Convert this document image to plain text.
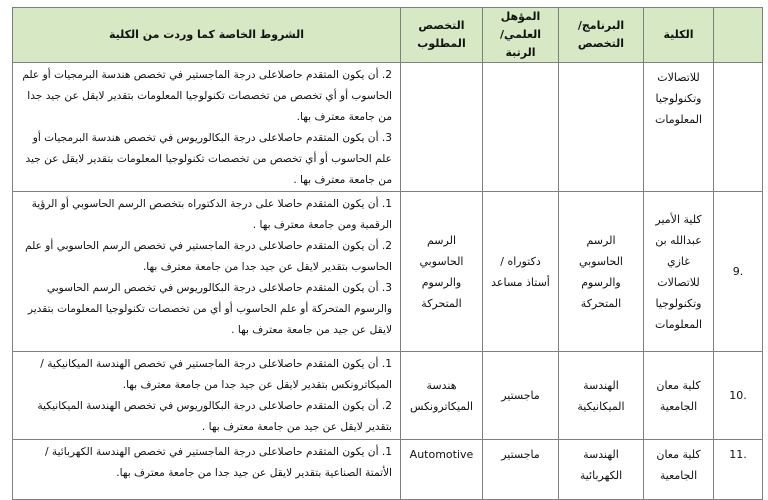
	الكلية	البرنامج/ التخصص	المؤهل العلمي/الرتبة	التخصص المطلوب	الشروط الخاصة كما وردت من الكلية
	للاتصالات وتكنولوجيا المعلومات				2. أن يكون المتقدم حاصلاعلى درجة الماجستير في تخصص هندسة البرمجيات أو علم الحاسوب أو أي تخصص من تخصصات تكنولوجيا المعلومات بتقدير لايقل عن جيد جدا من جامعة معترف بها.

3. أن يكون المتقدم حاصلاعلى درجة البكالوريوس في تخصص هندسة البرمجيات أو علم الحاسوب أو أي تخصص من تخصصات تكنولوجيا المعلومات بتقدير لايقل عن جيد من جامعة معترف بها .

.9	كلية الأمير عبدالله بن غازي للاتصالات وتكنولوجيا المعلومات	الرسم الحاسوبي والرسوم المتحركة	دكتوراه / أستاذ مساعد	الرسم الحاسوبي والرسوم المتحركة	1. أن يكون المتقدم حاصلا على درجة الدكتوراه بتخصص الرسم الحاسوبي أو الرؤية الرقمية ومن جامعة معترف بها .

2. أن يكون المتقدم حاصلاعلى درجة الماجستير في تخصص الرسم الحاسوبي أو علم الحاسوب بتقدير لايقل عن جيد جدا من جامعة معترف بها.

3. أن يكون المتقدم حاصلاعلى درجة البكالوريوس في تخصص الرسم الحاسوبي والرسوم المتحركة أو علم الحاسوب أو أي من تخصصات تكنولوجيا المعلومات بتقدير لايقل عن جيد من جامعة معترف بها .

.10	كلية معان الجامعية	الهندسة الميكانيكية	ماجستير	هندسة الميكاترونكس	1. أن يكون المتقدم حاصلاعلى درجة الماجستير في تخصص الهندسة الميكانيكية /الميكاترونكس بتقدير لايقل عن جيد جدا من جامعة معترف بها.

2. أن يكون المتقدم حاصلاعلى درجة البكالوريوس في تخصص الهندسة الميكانيكية بتقدير لايقل عن جيد من جامعة معترف بها .

.11	كلية معان الجامعية	الهندسة الكهربائية	ماجستير	Automotive	1. أن يكون المتقدم حاصلاعلى درجة الماجستير في تخصص الهندسة الكهربائية /الأتمتة الصناعية بتقدير لايقل عن جيد جدا من جامعة معترف بها.
